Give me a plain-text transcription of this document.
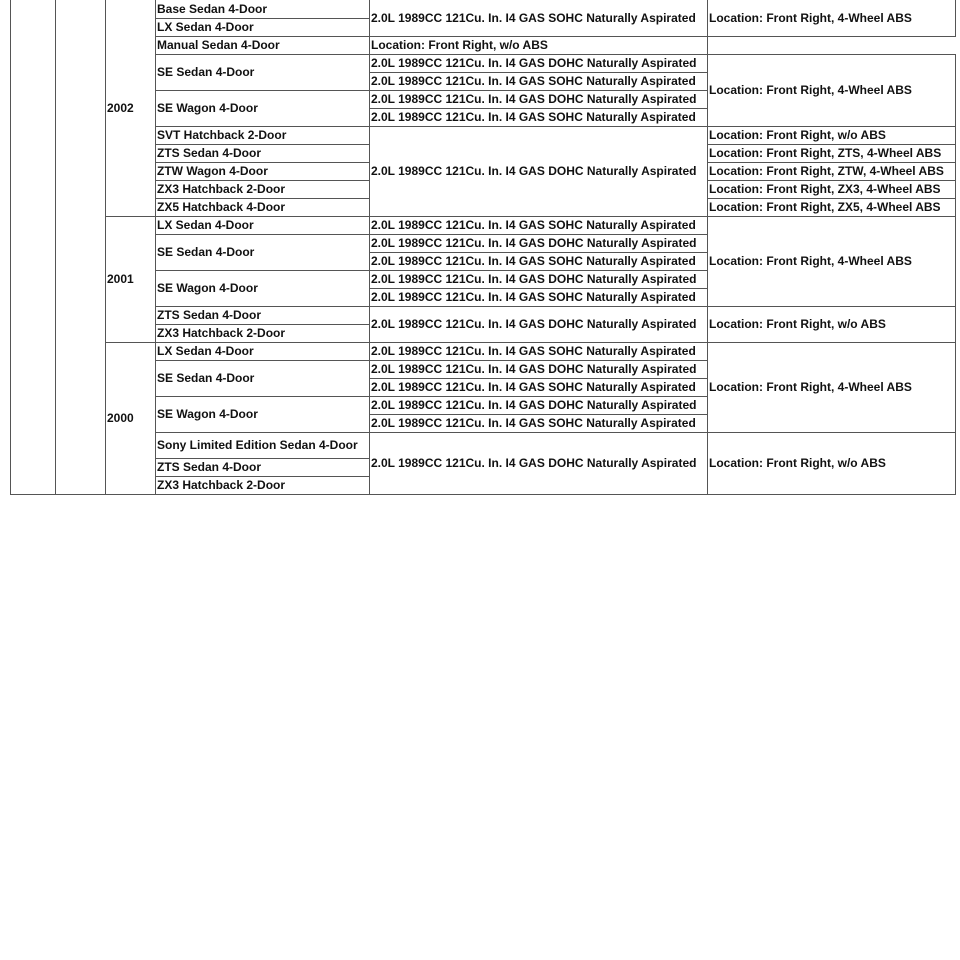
		2002	Base Sedan 4-Door	2.0L 1989CC 121Cu. In. I4 GAS SOHC Naturally Aspirated	Location: Front Right, 4-Wheel ABS
			LX Sedan 4-Door		
			Manual Sedan 4-Door	Location: Front Right, w/o ABS	
			SE Sedan 4-Door	2.0L 1989CC 121Cu. In. I4 GAS DOHC Naturally Aspirated	Location: Front Right, 4-Wheel ABS
				2.0L 1989CC 121Cu. In. I4 GAS SOHC Naturally Aspirated	
			SE Wagon 4-Door	2.0L 1989CC 121Cu. In. I4 GAS DOHC Naturally Aspirated	
				2.0L 1989CC 121Cu. In. I4 GAS SOHC Naturally Aspirated	
			SVT Hatchback 2-Door	2.0L 1989CC 121Cu. In. I4 GAS DOHC Naturally Aspirated	Location: Front Right, w/o ABS
			ZTS Sedan 4-Door		Location: Front Right, ZTS, 4-Wheel ABS
			ZTW Wagon 4-Door		Location: Front Right, ZTW, 4-Wheel ABS
			ZX3 Hatchback 2-Door		Location: Front Right, ZX3, 4-Wheel ABS
			ZX5 Hatchback 4-Door		Location: Front Right, ZX5, 4-Wheel ABS
		2001	LX Sedan 4-Door	2.0L 1989CC 121Cu. In. I4 GAS SOHC Naturally Aspirated	Location: Front Right, 4-Wheel ABS
			SE Sedan 4-Door	2.0L 1989CC 121Cu. In. I4 GAS DOHC Naturally Aspirated	
				2.0L 1989CC 121Cu. In. I4 GAS SOHC Naturally Aspirated	
			SE Wagon 4-Door	2.0L 1989CC 121Cu. In. I4 GAS DOHC Naturally Aspirated	
				2.0L 1989CC 121Cu. In. I4 GAS SOHC Naturally Aspirated	
			ZTS Sedan 4-Door	2.0L 1989CC 121Cu. In. I4 GAS DOHC Naturally Aspirated	Location: Front Right, w/o ABS
			ZX3 Hatchback 2-Door		
		2000	LX Sedan 4-Door	2.0L 1989CC 121Cu. In. I4 GAS SOHC Naturally Aspirated	Location: Front Right, 4-Wheel ABS
			SE Sedan 4-Door	2.0L 1989CC 121Cu. In. I4 GAS DOHC Naturally Aspirated	
				2.0L 1989CC 121Cu. In. I4 GAS SOHC Naturally Aspirated	
			SE Wagon 4-Door	2.0L 1989CC 121Cu. In. I4 GAS DOHC Naturally Aspirated	
				2.0L 1989CC 121Cu. In. I4 GAS SOHC Naturally Aspirated	
			Sony Limited Edition Sedan 4-Door	2.0L 1989CC 121Cu. In. I4 GAS DOHC Naturally Aspirated	Location: Front Right, w/o ABS
			ZTS Sedan 4-Door		
			ZX3 Hatchback 2-Door		
